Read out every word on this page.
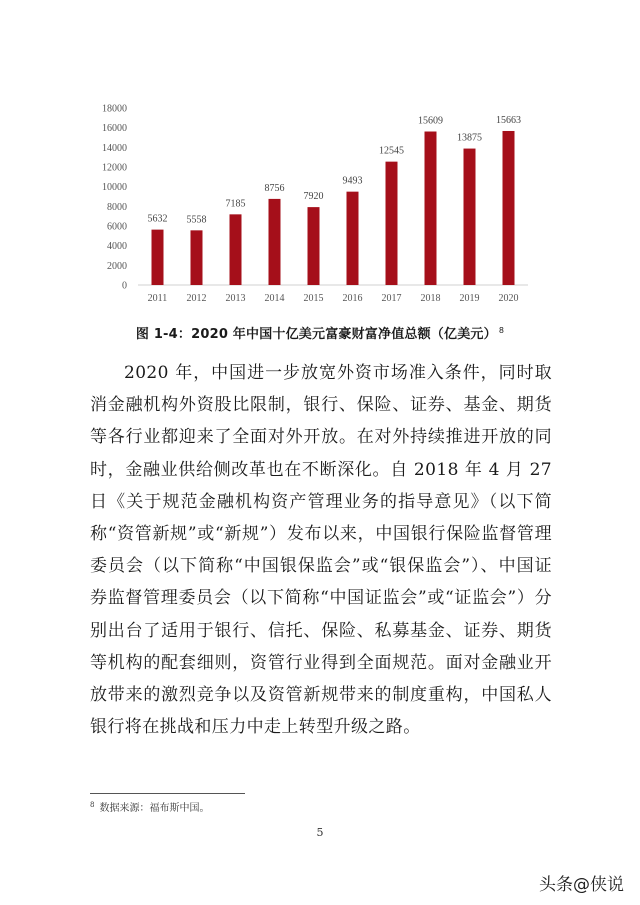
0
2000
4000
6000
8000
10000
12000
14000
16000
18000
5632 5558
7185
8756
7920
9493
12545
15609
13875
15663
2011 2012 2013 2014 2015 2016 2017 2018 2019 2020
图 1-4：2020 年中国十亿美元富豪财富净值总额（亿美元） $^8$

2020 年，中国进一步放宽外资市场准入条件，同时取消金融机构外资股比限制，银行、保险、证券、基金、期货等各行业都迎来了全面对外开放。在对外持续推进开放的同时，金融业供给侧改革也在不断深化。自 2018 年 4 月 27 日《关于规范金融机构资产管理业务的指导意见》（以下简称“资管新规”或“新规”）发布以来，中国银行保险监督管理委员会（以下简称“中国银保监会”或“银保监会”）、中国证券监督管理委员会（以下简称“中国证监会”或“证监会”）分别出台了适用于银行、信托、保险、私募基金、证券、期货等机构的配套细则，资管行业得到全面规范。面对金融业开放带来的激烈竞争以及资管新规带来的制度重构，中国私人银行将在挑战和压力中走上转型升级之路。

$^8$ 数据来源：福布斯中国。
5
头条@侠说
